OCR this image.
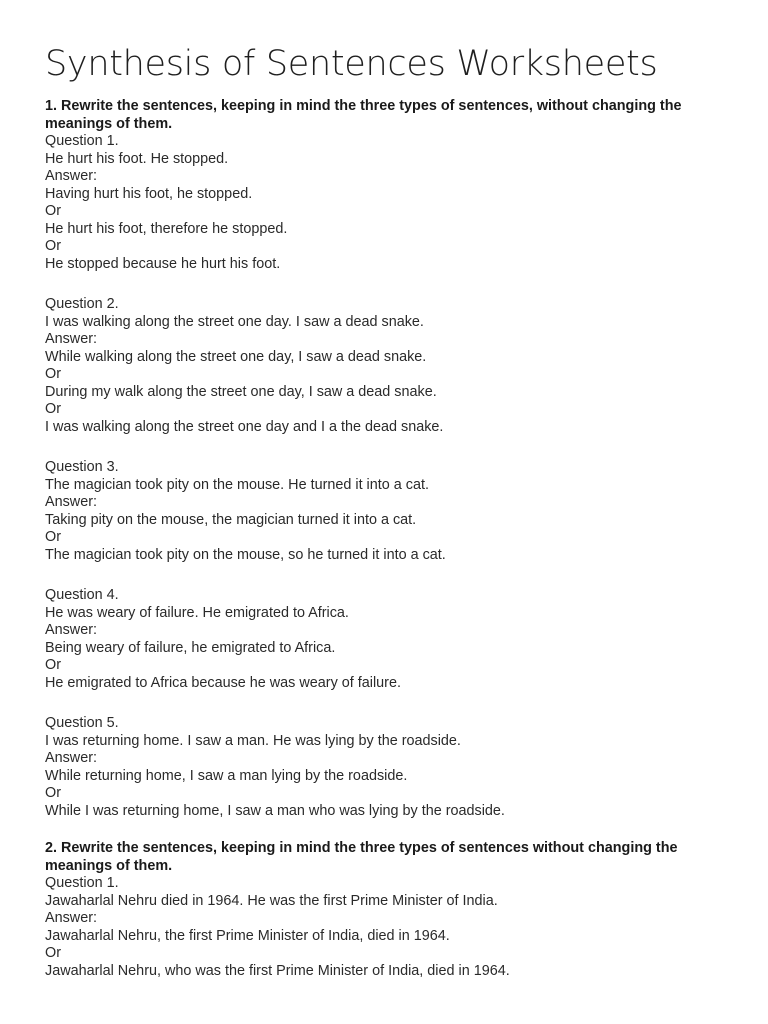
Synthesis of Sentences Worksheets

1. Rewrite the sentences, keeping in mind the three types of sentences, without changing the meanings of them.

Question 1.
He hurt his foot. He stopped.
Answer:
Having hurt his foot, he stopped.
Or
He hurt his foot, therefore he stopped.
Or
He stopped because he hurt his foot.
Question 2.
I was walking along the street one day. I saw a dead snake.
Answer:
While walking along the street one day, I saw a dead snake.
Or
During my walk along the street one day, I saw a dead snake.
Or
I was walking along the street one day and I a the dead snake.
Question 3.
The magician took pity on the mouse. He turned it into a cat.
Answer:
Taking pity on the mouse, the magician turned it into a cat.
Or
The magician took pity on the mouse, so he turned it into a cat.
Question 4.
He was weary of failure. He emigrated to Africa.
Answer:
Being weary of failure, he emigrated to Africa.
Or
He emigrated to Africa because he was weary of failure.
Question 5.
I was returning home. I saw a man. He was lying by the roadside.
Answer:
While returning home, I saw a man lying by the roadside.
Or
While I was returning home, I saw a man who was lying by the roadside.

2. Rewrite the sentences, keeping in mind the three types of sentences without changing the meanings of them.

Question 1.
Jawaharlal Nehru died in 1964. He was the first Prime Minister of India.
Answer:
Jawaharlal Nehru, the first Prime Minister of India, died in 1964.
Or
Jawaharlal Nehru, who was the first Prime Minister of India, died in 1964.
